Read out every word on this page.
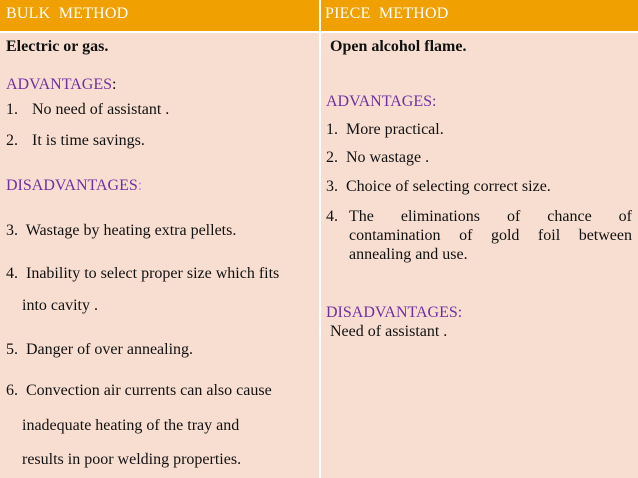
BULK  METHOD	PIECE  METHOD
Electric or gas.
ADVANTAGES:
1. No need of assistant .
2. It is time savings.
DISADVANTAGES:
3.  Wastage by heating extra pellets.
4.  Inability to select proper size which fits
into cavity .
5.  Danger of over annealing.
6.  Convection air currents can also cause
inadequate heating of the tray and
results in poor welding properties.
Open alcohol flame.
ADVANTAGES:
1. More practical.
2. No wastage .
3. Choice of selecting correct size.
4. The eliminations of chance of
contamination of gold foil between
annealing and use.
DISADVANTAGES:
Need of assistant .
